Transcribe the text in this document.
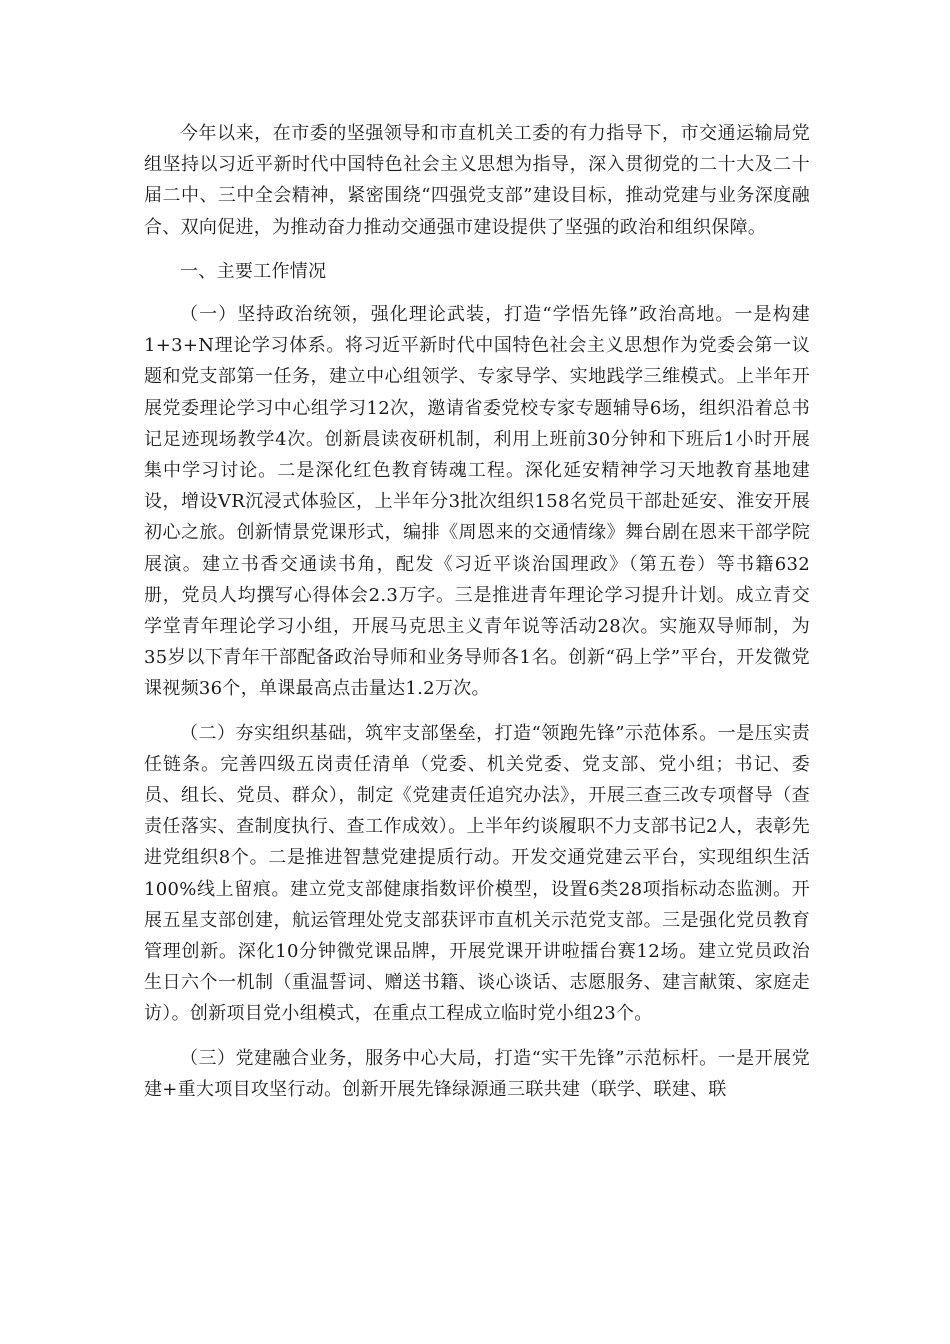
今年以来，在市委的坚强领导和市直机关工委的有力指导下，市交通运输局党组坚持以习近平新时代中国特色社会主义思想为指导，深入贯彻党的二十大及二十届二中、三中全会精神，紧密围绕“四强党支部”建设目标，推动党建与业务深度融合、双向促进，为推动奋力推动交通强市建设提供了坚强的政治和组织保障。

一、主要工作情况

（一）坚持政治统领，强化理论武装，打造“学悟先锋”政治高地。一是构建1+3+N理论学习体系。将习近平新时代中国特色社会主义思想作为党委会第一议题和党支部第一任务，建立中心组领学、专家导学、实地践学三维模式。上半年开展党委理论学习中心组学习12次，邀请省委党校专家专题辅导6场，组织沿着总书记足迹现场教学4次。创新晨读夜研机制，利用上班前30分钟和下班后1小时开展集中学习讨论。二是深化红色教育铸魂工程。深化延安精神学习天地教育基地建设，增设VR沉浸式体验区，上半年分3批次组织158名党员干部赴延安、淮安开展初心之旅。创新情景党课形式，编排《周恩来的交通情缘》舞台剧在恩来干部学院展演。建立书香交通读书角，配发《习近平谈治国理政》（第五卷）等书籍632册，党员人均撰写心得体会2.3万字。三是推进青年理论学习提升计划。成立青交学堂青年理论学习小组，开展马克思主义青年说等活动28次。实施双导师制，为35岁以下青年干部配备政治导师和业务导师各1名。创新“码上学”平台，开发微党课视频36个，单课最高点击量达1.2万次。

（二）夯实组织基础，筑牢支部堡垒，打造“领跑先锋”示范体系。一是压实责任链条。完善四级五岗责任清单（党委、机关党委、党支部、党小组；书记、委员、组长、党员、群众），制定《党建责任追究办法》，开展三查三改专项督导（查责任落实、查制度执行、查工作成效）。上半年约谈履职不力支部书记2人，表彰先进党组织8个。二是推进智慧党建提质行动。开发交通党建云平台，实现组织生活100%线上留痕。建立党支部健康指数评价模型，设置6类28项指标动态监测。开展五星支部创建，航运管理处党支部获评市直机关示范党支部。三是强化党员教育管理创新。深化10分钟微党课品牌，开展党课开讲啦擂台赛12场。建立党员政治生日六个一机制（重温誓词、赠送书籍、谈心谈话、志愿服务、建言献策、家庭走访）。创新项目党小组模式，在重点工程成立临时党小组23个。

（三）党建融合业务，服务中心大局，打造“实干先锋”示范标杆。一是开展党建+重大项目攻坚行动。创新开展先锋绿源通三联共建（联学、联建、联
